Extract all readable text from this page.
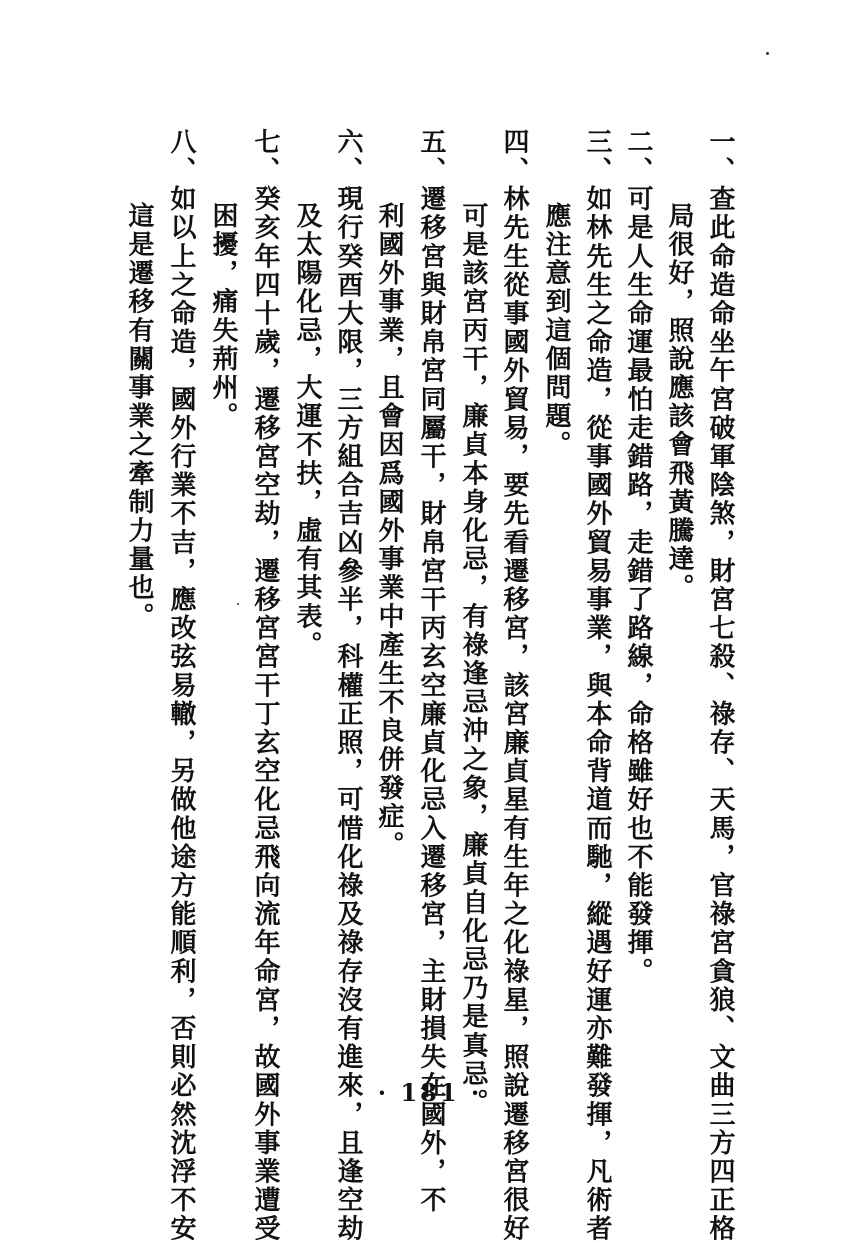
一、查此命造命坐午宮破軍陰煞，財宮七殺、祿存、天馬，官祿宮貪狼、文曲三方四正格
局很好，照說應該會飛黃騰達。
二、可是人生命運最怕走錯路，走錯了路線，命格雖好也不能發揮。
三、如林先生之命造，從事國外貿易事業，與本命背道而馳，縱遇好運亦難發揮，凡術者
應注意到這個問題。
四、林先生從事國外貿易，要先看遷移宮，該宮廉貞星有生年之化祿星，照說遷移宮很好
可是該宮丙干，廉貞本身化忌，有祿逢忌沖之象，廉貞自化忌乃是真忌。
五、遷移宮與財帛宮同屬干，財帛宮干丙玄空廉貞化忌入遷移宮，主財損失在國外，不
利國外事業，且會因爲國外事業中產生不良併發症。
六、現行癸酉大限，三方組合吉凶參半，科權正照，可惜化祿及祿存沒有進來，且逢空劫
及太陽化忌，大運不扶，虛有其表。
七、癸亥年四十歲，遷移宮空劫，遷移宮宮干丁玄空化忌飛向流年命宮，故國外事業遭受
困擾，痛失荊州。
八、如以上之命造，國外行業不吉，應改弦易轍，另做他途方能順利，否則必然沈浮不安
這是遷移有關事業之牽制力量也。
· 181 ·
